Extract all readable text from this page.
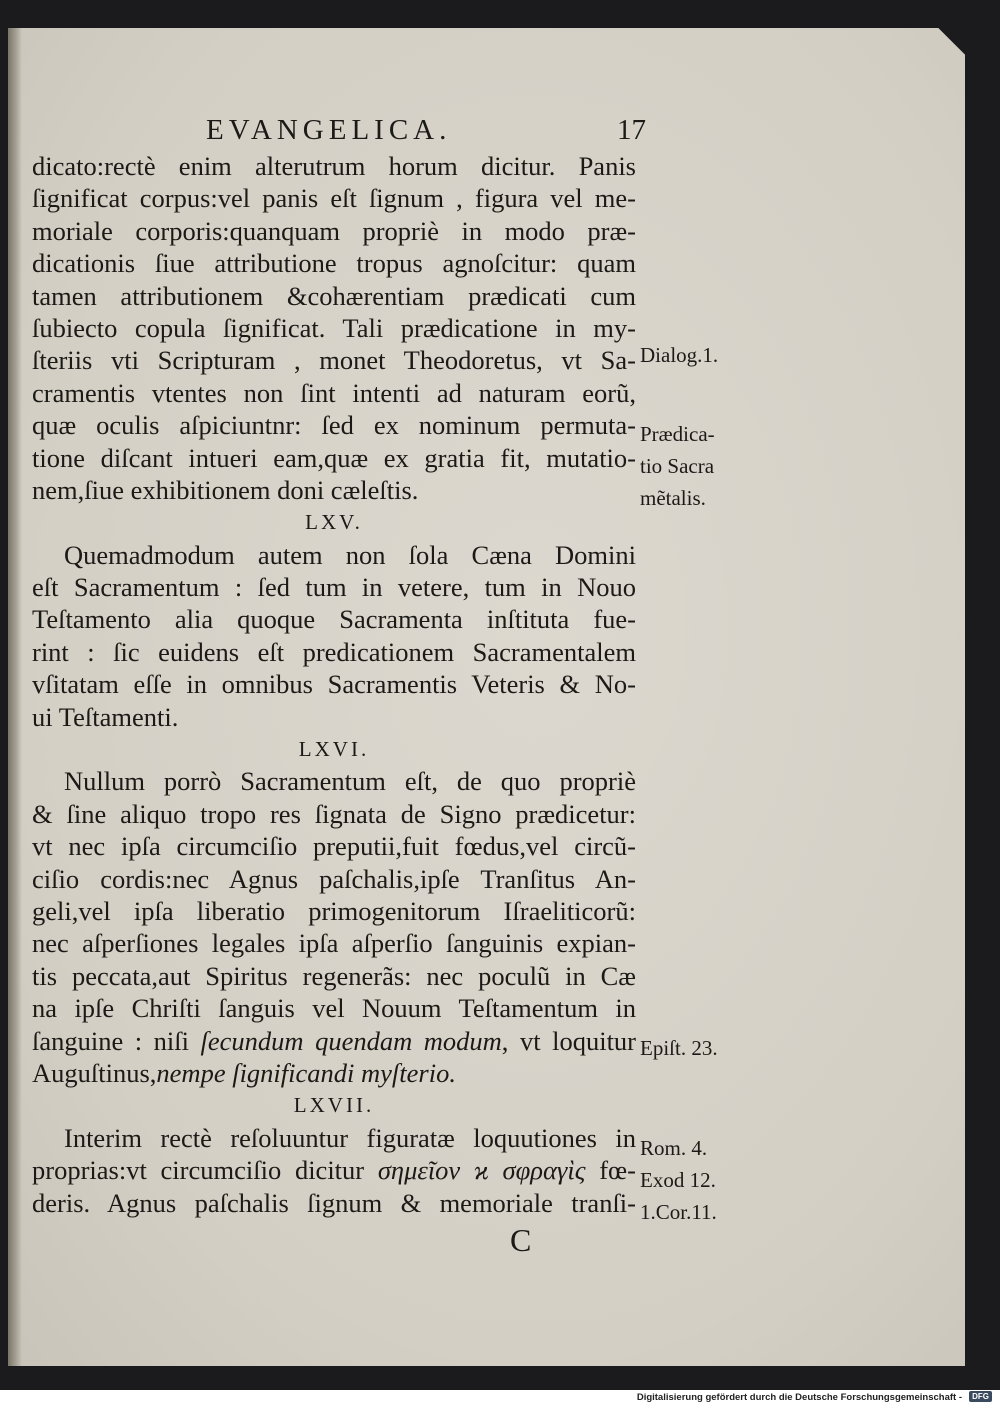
EVANGELICA.	17
dicato:rectè enim alterutrum horum dicitur. Panis
ſignificat corpus:vel panis eſt ſignum , figura vel me-
moriale corporis:quanquam propriè in modo præ-
dicationis ſiue attributione tropus agnoſcitur: quam
tamen attributionem &cohærentiam prædicati cum
ſubiecto copula ſignificat. Tali prædicatione in my-
ſteriis vti Scripturam , monet Theodoretus, vt Sa-
cramentis vtentes non ſint intenti ad naturam eorũ,
quæ oculis aſpiciuntnr: ſed ex nominum permuta-
tione diſcant intueri eam,quæ ex gratia fit, mutatio-
nem,ſiue exhibitionem doni cæleſtis.
LXV.
Quemadmodum autem non ſola Cæna Domini
eſt Sacramentum : ſed tum in vetere, tum in Nouo
Teſtamento alia quoque Sacramenta inſtituta fue-
rint : ſic euidens eſt predicationem Sacramentalem
vſitatam eſſe in omnibus Sacramentis Veteris & No-
ui Teſtamenti.
LXVI.
Nullum porrò Sacramentum eſt, de quo propriè
& ſine aliquo tropo res ſignata de Signo prædicetur:
vt nec ipſa circumciſio preputii,fuit fœdus,vel circũ-
ciſio cordis:nec Agnus paſchalis,ipſe Tranſitus An-
geli,vel ipſa liberatio primogenitorum Iſraeliticorũ:
nec aſperſiones legales ipſa aſperſio ſanguinis expian-
tis peccata,aut Spiritus regenerãs: nec poculũ in Cæ
na ipſe Chriſti ſanguis vel Nouum Teſtamentum in
ſanguine : niſi ſecundum quendam modum, vt loquitur
Auguſtinus,nempe ſignificandi myſterio.
LXVII.
Interim rectè reſoluuntur figuratæ loquutiones in
proprias:vt circumciſio dicitur σημεῖον ϰ σφραγὶς fœ-
deris. Agnus paſchalis ſignum & memoriale tranſi-
Dialog.1.
Prædica-
tio Sacra
mẽtalis.
Epiſt. 23.
Rom. 4.
Exod 12.
1.Cor.11.
C
Digitalisierung gefördert durch die Deutsche Forschungsgemeinschaft -	DFG
